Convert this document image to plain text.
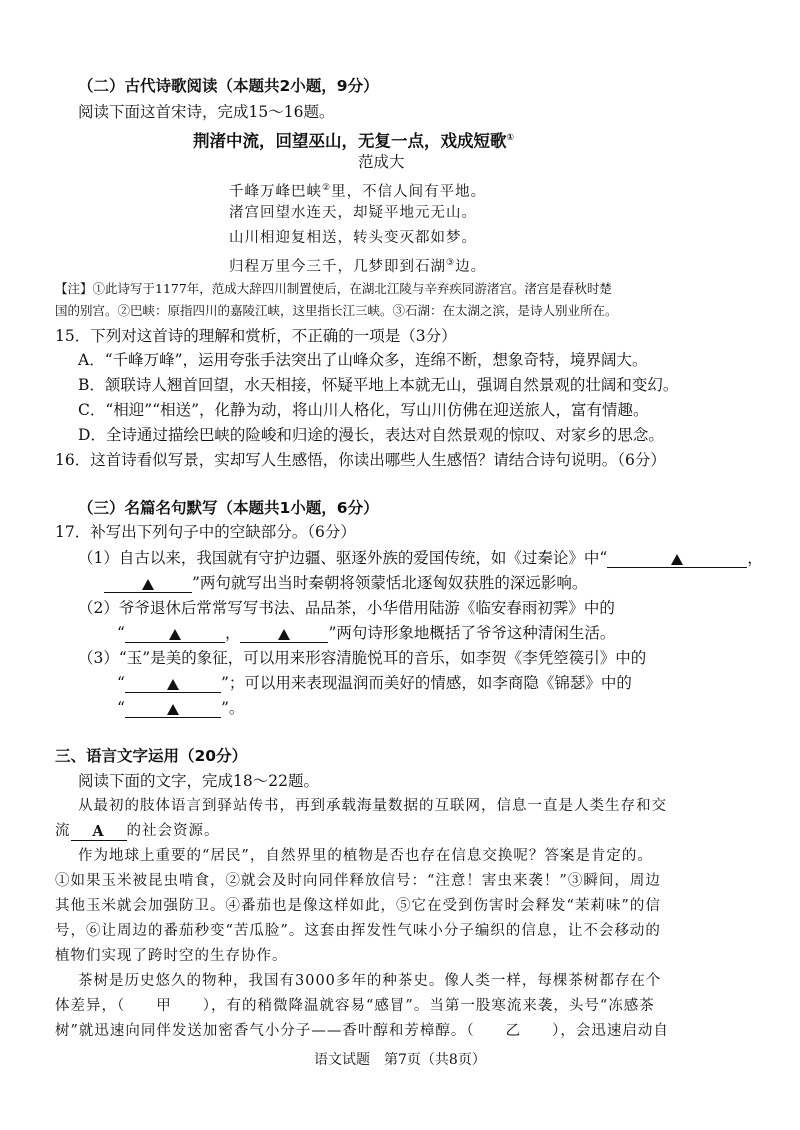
（二）古代诗歌阅读（本题共2小题，9分）
阅读下面这首宋诗，完成15～16题。
荆渚中流，回望巫山，无复一点，戏成短歌①
范成大
千峰万峰巴峡②里，不信人间有平地。
渚宫回望水连天，却疑平地元无山。
山川相迎复相送，转头变灭都如梦。
归程万里今三千，几梦即到石湖③边。
【注】①此诗写于1177年，范成大辞四川制置使后，在湖北江陵与辛弃疾同游渚宫。渚宫是春秋时楚
国的别宫。②巴峡：原指四川的嘉陵江峡，这里指长江三峡。③石湖：在太湖之滨，是诗人别业所在。
15．下列对这首诗的理解和赏析，不正确的一项是（3分）
A．“千峰万峰”，运用夸张手法突出了山峰众多，连绵不断，想象奇特，境界阔大。
B．颔联诗人翘首回望，水天相接，怀疑平地上本就无山，强调自然景观的壮阔和变幻。
C．“相迎”“相送”，化静为动，将山川人格化，写山川仿佛在迎送旅人，富有情趣。
D．全诗通过描绘巴峡的险峻和归途的漫长，表达对自然景观的惊叹、对家乡的思念。
16．这首诗看似写景，实却写人生感悟，你读出哪些人生感悟？请结合诗句说明。（6分）
（三）名篇名句默写（本题共1小题，6分）
17．补写出下列句子中的空缺部分。（6分）
（1）自古以来，我国就有守护边疆、驱逐外族的爱国传统，如《过秦论》中“	，
”两句就写出当时秦朝将领蒙恬北逐匈奴获胜的深远影响。
（2）爷爷退休后常常写写书法、品品茶，小华借用陆游《临安春雨初霁》中的
“	，	”两句诗形象地概括了爷爷这种清闲生活。
（3）“玉”是美的象征，可以用来形容清脆悦耳的音乐，如李贺《李凭箜篌引》中的
“	”；可以用来表现温润而美好的情感，如李商隐《锦瑟》中的
“	”。
三、语言文字运用（20分）
阅读下面的文字，完成18～22题。
从最初的肢体语言到驿站传书，再到承载海量数据的互联网，信息一直是人类生存和交
流 A 的社会资源。
作为地球上重要的“居民”，自然界里的植物是否也存在信息交换呢？答案是肯定的。
①如果玉米被昆虫啃食，②就会及时向同伴释放信号：“注意！害虫来袭！”③瞬间，周边
其他玉米就会加强防卫。④番茄也是像这样如此，⑤它在受到伤害时会释发“茉莉味”的信
号，⑥让周边的番茄秒变“苦瓜脸”。这套由挥发性气味小分子编织的信息，让不会移动的
植物们实现了跨时空的生存协作。
茶树是历史悠久的物种，我国有3000多年的种茶史。像人类一样，每棵茶树都存在个
体差异，（　　甲　　），有的稍微降温就容易“感冒”。当第一股寒流来袭，头号“冻感茶
树”就迅速向同伴发送加密香气小分子——香叶醇和芳樟醇。（　　乙　　），会迅速启动自
语文试题　第7页（共8页）
